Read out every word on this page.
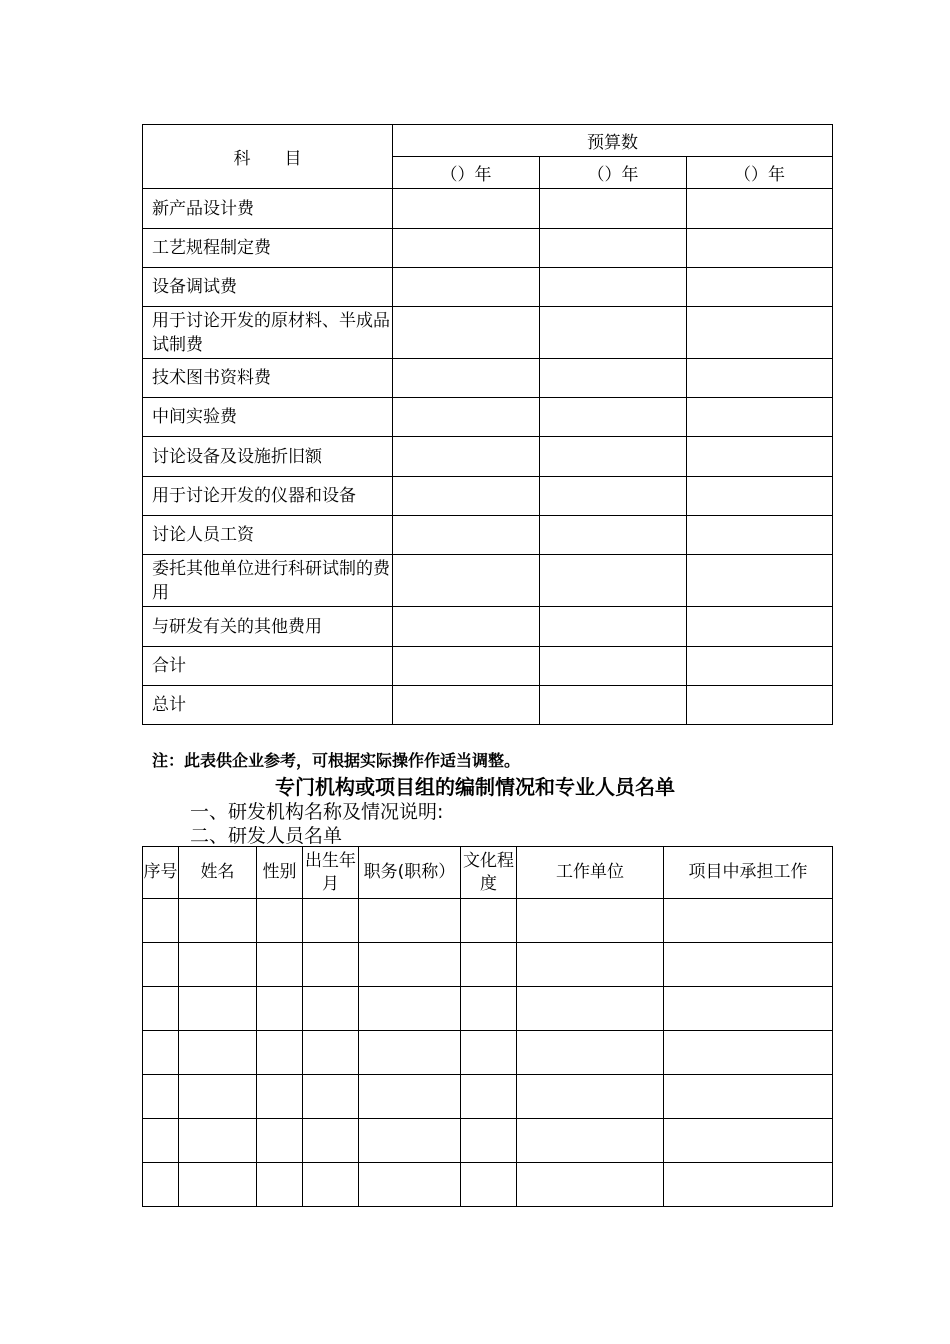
科　　目	预算数		
	（）年	（）年	（）年
新产品设计费			
工艺规程制定费			
设备调试费			
用于讨论开发的原材料、半成品试制费			
技术图书资料费			
中间实验费			
讨论设备及设施折旧额			
用于讨论开发的仪器和设备			
讨论人员工资			
委托其他单位进行科研试制的费用			
与研发有关的其他费用			
合计			
总计			
注：此表供企业参考，可根据实际操作作适当调整。
专门机构或项目组的编制情况和专业人员名单
一、研发机构名称及情况说明:
二、研发人员名单
序号	姓名	性别	出生年月	职务(职称）	文化程度	工作单位	项目中承担工作
